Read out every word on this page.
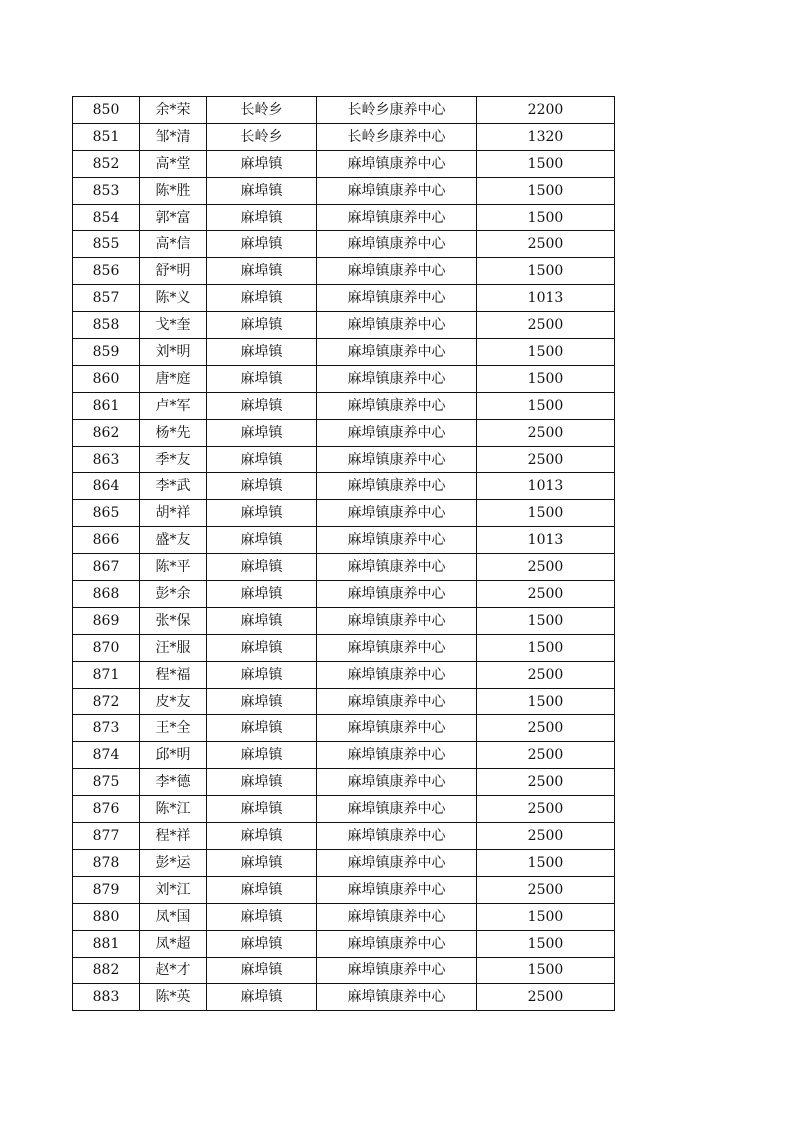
850	余*荣	长岭乡	长岭乡康养中心	2200
851	邹*清	长岭乡	长岭乡康养中心	1320
852	高*堂	麻埠镇	麻埠镇康养中心	1500
853	陈*胜	麻埠镇	麻埠镇康养中心	1500
854	郭*富	麻埠镇	麻埠镇康养中心	1500
855	高*信	麻埠镇	麻埠镇康养中心	2500
856	舒*明	麻埠镇	麻埠镇康养中心	1500
857	陈*义	麻埠镇	麻埠镇康养中心	1013
858	戈*奎	麻埠镇	麻埠镇康养中心	2500
859	刘*明	麻埠镇	麻埠镇康养中心	1500
860	唐*庭	麻埠镇	麻埠镇康养中心	1500
861	卢*军	麻埠镇	麻埠镇康养中心	1500
862	杨*先	麻埠镇	麻埠镇康养中心	2500
863	季*友	麻埠镇	麻埠镇康养中心	2500
864	李*武	麻埠镇	麻埠镇康养中心	1013
865	胡*祥	麻埠镇	麻埠镇康养中心	1500
866	盛*友	麻埠镇	麻埠镇康养中心	1013
867	陈*平	麻埠镇	麻埠镇康养中心	2500
868	彭*余	麻埠镇	麻埠镇康养中心	2500
869	张*保	麻埠镇	麻埠镇康养中心	1500
870	汪*服	麻埠镇	麻埠镇康养中心	1500
871	程*福	麻埠镇	麻埠镇康养中心	2500
872	皮*友	麻埠镇	麻埠镇康养中心	1500
873	王*全	麻埠镇	麻埠镇康养中心	2500
874	邱*明	麻埠镇	麻埠镇康养中心	2500
875	李*德	麻埠镇	麻埠镇康养中心	2500
876	陈*江	麻埠镇	麻埠镇康养中心	2500
877	程*祥	麻埠镇	麻埠镇康养中心	2500
878	彭*运	麻埠镇	麻埠镇康养中心	1500
879	刘*江	麻埠镇	麻埠镇康养中心	2500
880	凤*国	麻埠镇	麻埠镇康养中心	1500
881	凤*超	麻埠镇	麻埠镇康养中心	1500
882	赵*才	麻埠镇	麻埠镇康养中心	1500
883	陈*英	麻埠镇	麻埠镇康养中心	2500
